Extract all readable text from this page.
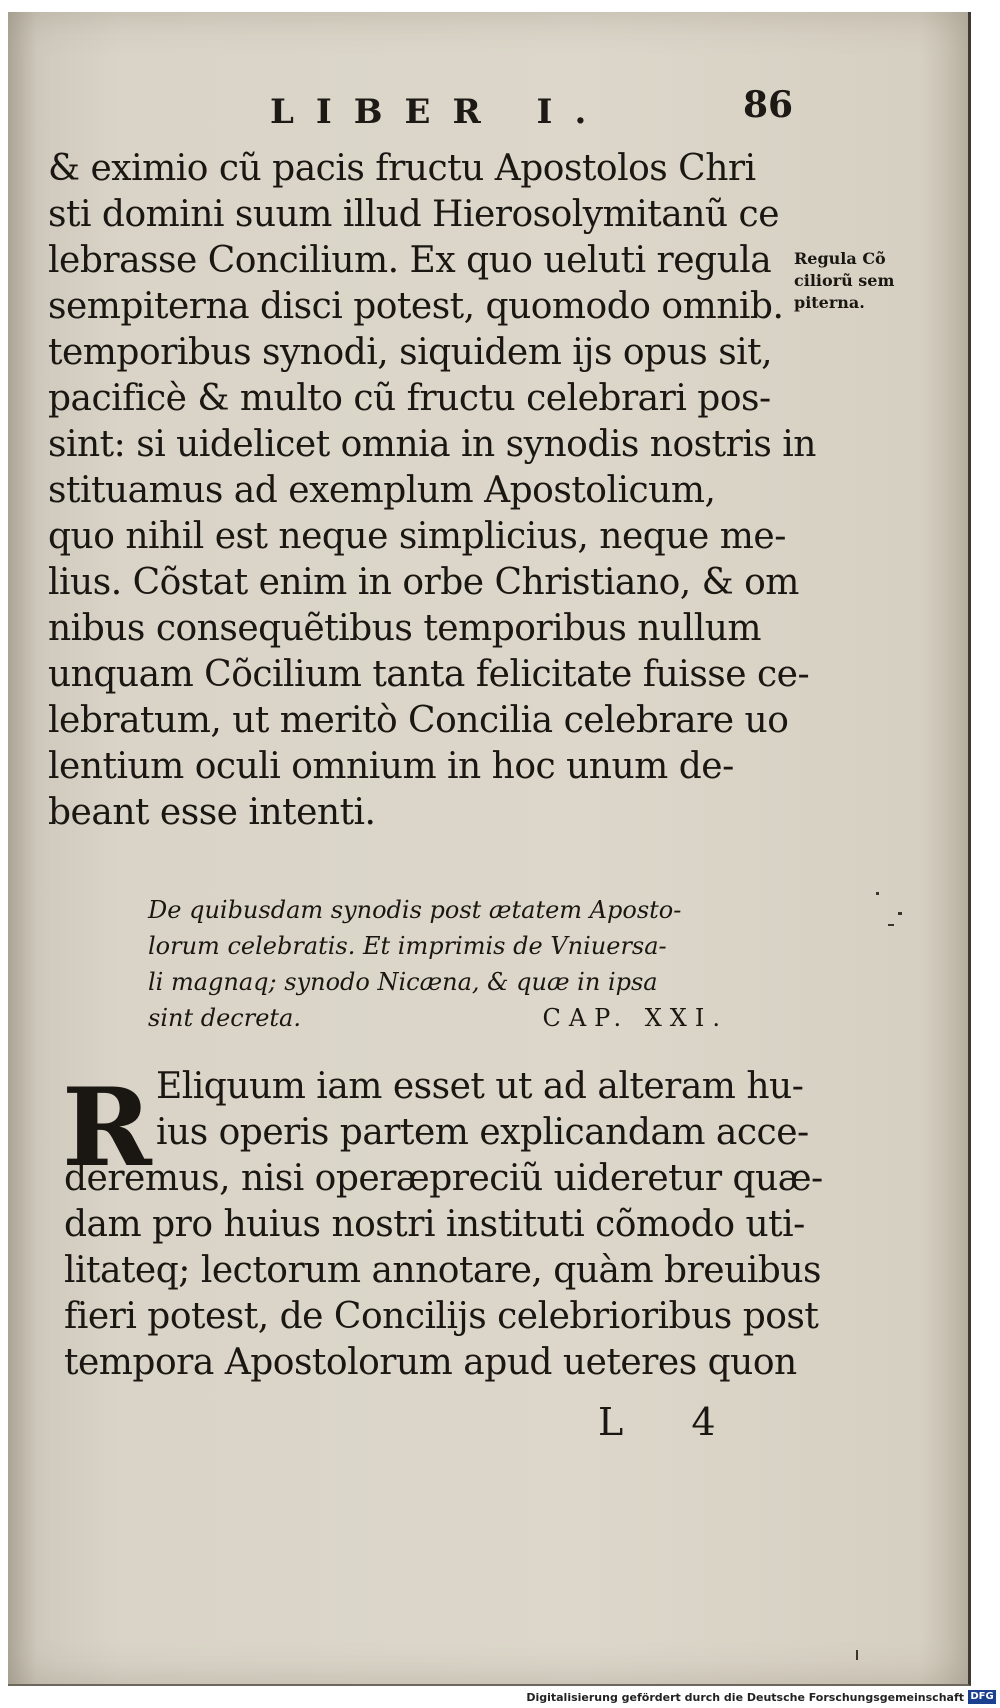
LIBER I.	86
& eximio cũ pacis fructu Apostolos Chri
sti domini suum illud Hierosolymitanũ ce
lebrasse Concilium. Ex quo ueluti regula
sempiterna disci potest, quomodo omnib.
temporibus synodi, siquidem ijs opus sit,
pacificè & multo cũ fructu celebrari pos-
sint: si uidelicet omnia in synodis nostris in
stituamus ad exemplum Apostolicum,
quo nihil est neque simplicius, neque me-
lius. Cõstat enim in orbe Christiano, & om
nibus consequẽtibus temporibus nullum
unquam Cõcilium tanta felicitate fuisse ce-
lebratum, ut meritò Concilia celebrare uo
lentium oculi omnium in hoc unum de-
beant esse intenti.
Regula Cõ
ciliorũ sem
piterna.
De quibusdam synodis post ætatem Aposto-
lorum celebratis. Et imprimis de Vniuersa-
li magnaq; synodo Nicæna, & quæ in ipsa
sint decreta.	CAP. XXI.
R Eliquum iam esset ut ad alteram hu-
ius operis partem explicandam acce-
deremus, nisi operæpreciũ uideretur quæ-
dam pro huius nostri instituti cõmodo uti-
litateq; lectorum annotare, quàm breuibus
fieri potest, de Concilijs celebrioribus post
tempora Apostolorum apud ueteres quon
L 4
Digitalisierung gefördert durch die Deutsche Forschungsgemeinschaft DFG
